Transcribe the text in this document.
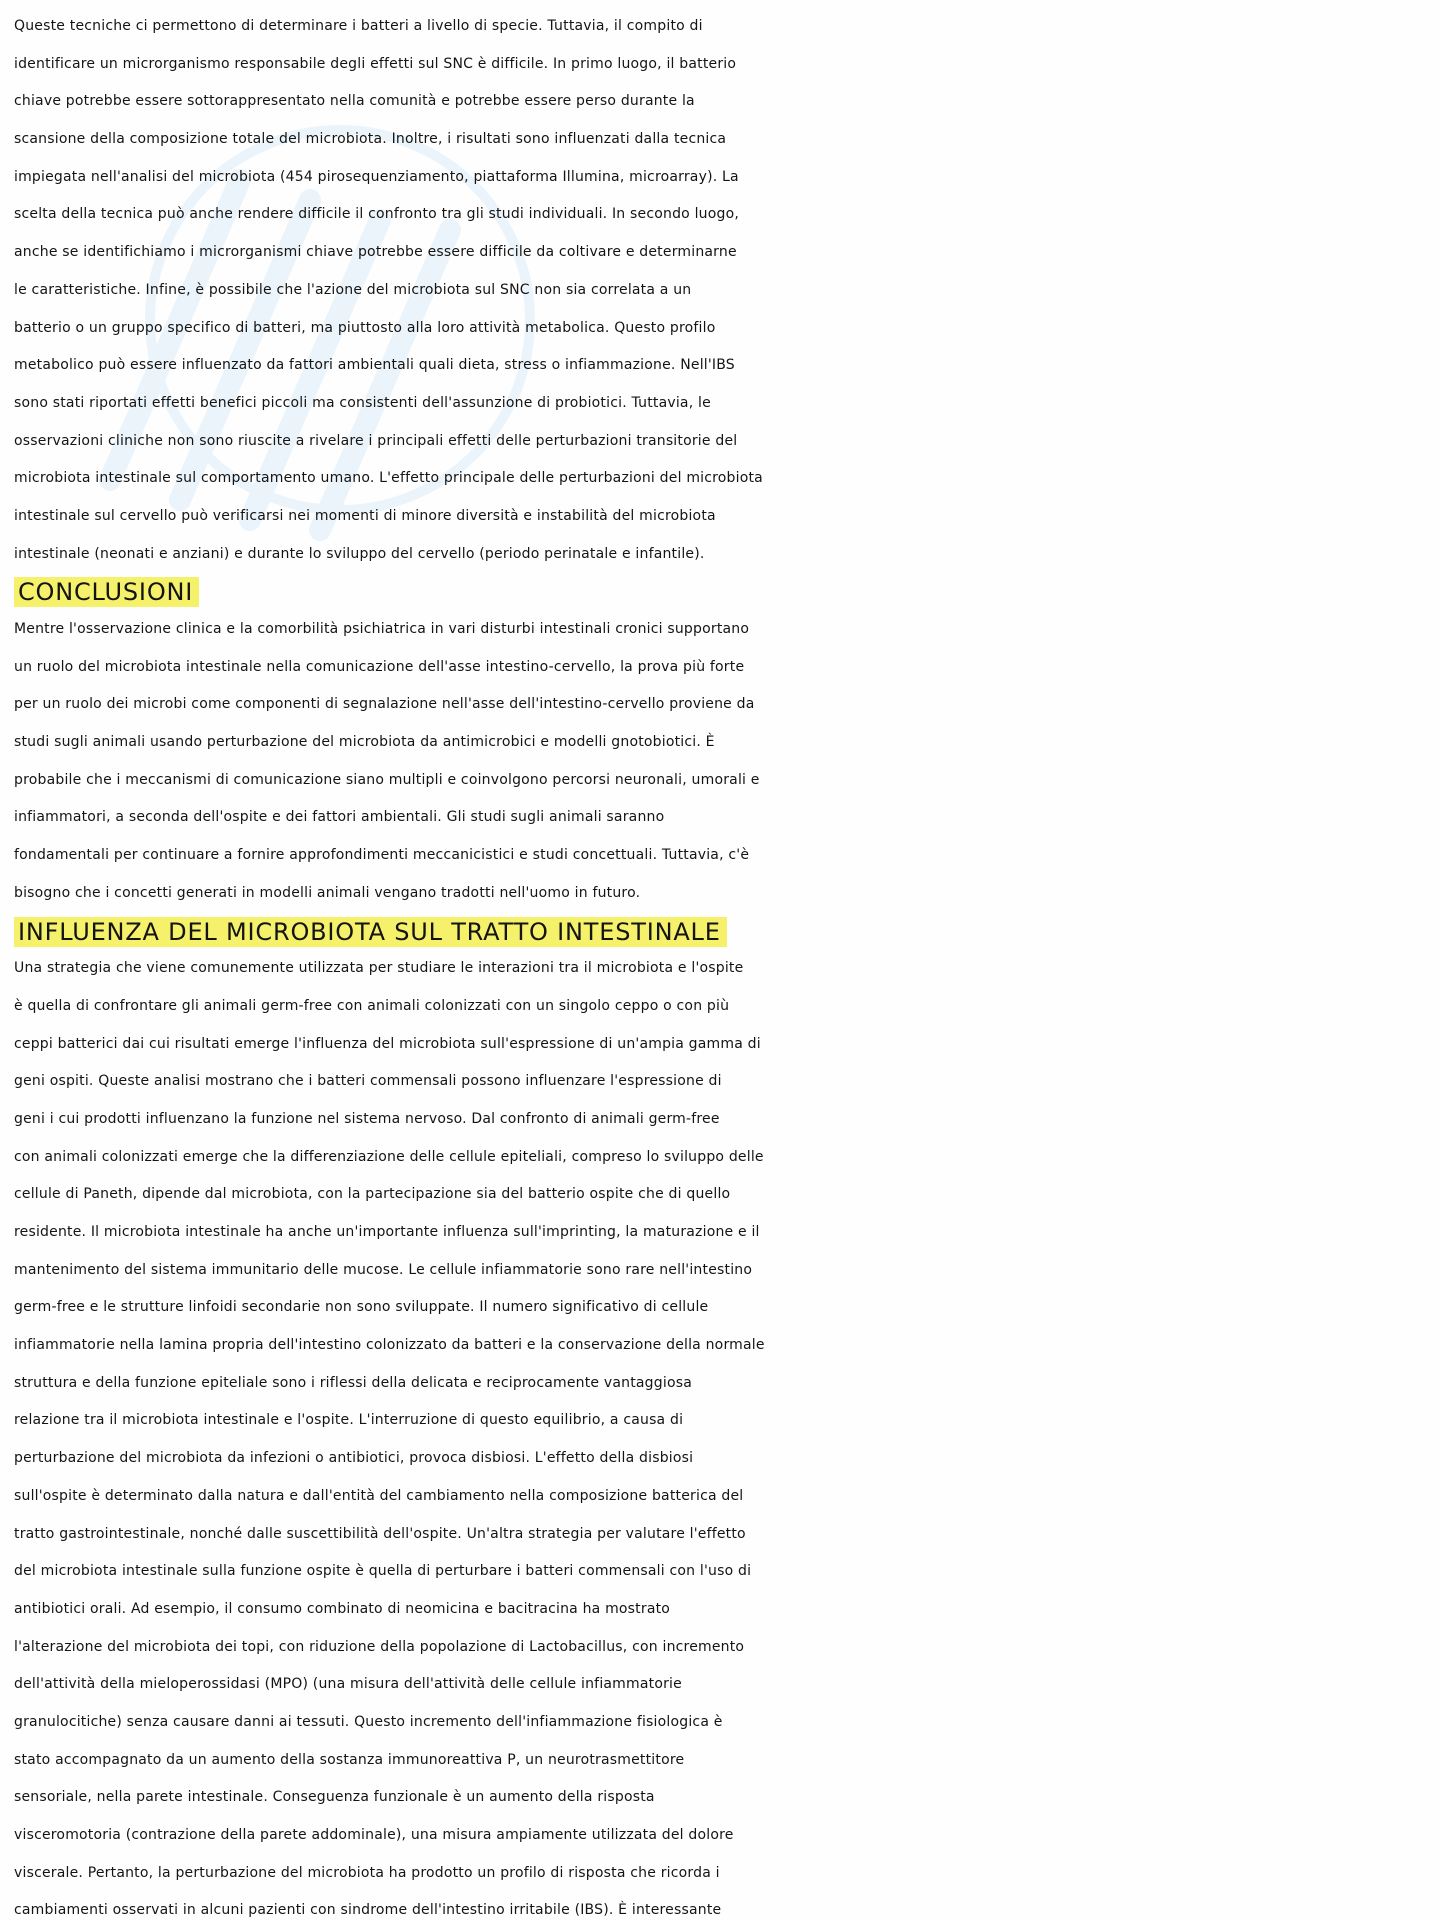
Queste tecniche ci permettono di determinare i batteri a livello di specie. Tuttavia, il compito di
identificare un microrganismo responsabile degli effetti sul SNC è difficile. In primo luogo, il batterio
chiave potrebbe essere sottorappresentato nella comunità e potrebbe essere perso durante la
scansione della composizione totale del microbiota. Inoltre, i risultati sono influenzati dalla tecnica
impiegata nell'analisi del microbiota (454 pirosequenziamento, piattaforma Illumina, microarray). La
scelta della tecnica può anche rendere difficile il confronto tra gli studi individuali. In secondo luogo,
anche se identifichiamo i microrganismi chiave potrebbe essere difficile da coltivare e determinarne
le caratteristiche. Infine, è possibile che l'azione del microbiota sul SNC non sia correlata a un
batterio o un gruppo specifico di batteri, ma piuttosto alla loro attività metabolica. Questo profilo
metabolico può essere influenzato da fattori ambientali quali dieta, stress o infiammazione. Nell'IBS
sono stati riportati effetti benefici piccoli ma consistenti dell'assunzione di probiotici. Tuttavia, le
osservazioni cliniche non sono riuscite a rivelare i principali effetti delle perturbazioni transitorie del
microbiota intestinale sul comportamento umano. L'effetto principale delle perturbazioni del microbiota
intestinale sul cervello può verificarsi nei momenti di minore diversità e instabilità del microbiota
intestinale (neonati e anziani) e durante lo sviluppo del cervello (periodo perinatale e infantile).
CONCLUSIONI
Mentre l'osservazione clinica e la comorbilità psichiatrica in vari disturbi intestinali cronici supportano
un ruolo del microbiota intestinale nella comunicazione dell'asse intestino-cervello, la prova più forte
per un ruolo dei microbi come componenti di segnalazione nell'asse dell'intestino-cervello proviene da
studi sugli animali usando perturbazione del microbiota da antimicrobici e modelli gnotobiotici. È
probabile che i meccanismi di comunicazione siano multipli e coinvolgono percorsi neuronali, umorali e
infiammatori, a seconda dell'ospite e dei fattori ambientali. Gli studi sugli animali saranno
fondamentali per continuare a fornire approfondimenti meccanicistici e studi concettuali. Tuttavia, c'è
bisogno che i concetti generati in modelli animali vengano tradotti nell'uomo in futuro.
INFLUENZA DEL MICROBIOTA SUL TRATTO INTESTINALE
Una strategia che viene comunemente utilizzata per studiare le interazioni tra il microbiota e l'ospite
è quella di confrontare gli animali germ-free con animali colonizzati con un singolo ceppo o con più
ceppi batterici dai cui risultati emerge l'influenza del microbiota sull'espressione di un'ampia gamma di
geni ospiti. Queste analisi mostrano che i batteri commensali possono influenzare l'espressione di
geni i cui prodotti influenzano la funzione nel sistema nervoso. Dal confronto di animali germ-free
con animali colonizzati emerge che la differenziazione delle cellule epiteliali, compreso lo sviluppo delle
cellule di Paneth, dipende dal microbiota, con la partecipazione sia del batterio ospite che di quello
residente. Il microbiota intestinale ha anche un'importante influenza sull'imprinting, la maturazione e il
mantenimento del sistema immunitario delle mucose. Le cellule infiammatorie sono rare nell'intestino
germ-free e le strutture linfoidi secondarie non sono sviluppate. Il numero significativo di cellule
infiammatorie nella lamina propria dell'intestino colonizzato da batteri e la conservazione della normale
struttura e della funzione epiteliale sono i riflessi della delicata e reciprocamente vantaggiosa
relazione tra il microbiota intestinale e l'ospite. L'interruzione di questo equilibrio, a causa di
perturbazione del microbiota da infezioni o antibiotici, provoca disbiosi. L'effetto della disbiosi
sull'ospite è determinato dalla natura e dall'entità del cambiamento nella composizione batterica del
tratto gastrointestinale, nonché dalle suscettibilità dell'ospite. Un'altra strategia per valutare l'effetto
del microbiota intestinale sulla funzione ospite è quella di perturbare i batteri commensali con l'uso di
antibiotici orali. Ad esempio, il consumo combinato di neomicina e bacitracina ha mostrato
l'alterazione del microbiota dei topi, con riduzione della popolazione di Lactobacillus, con incremento
dell'attività della mieloperossidasi (MPO) (una misura dell'attività delle cellule infiammatorie
granulocitiche) senza causare danni ai tessuti. Questo incremento dell'infiammazione fisiologica è
stato accompagnato da un aumento della sostanza immunoreattiva P, un neurotrasmettitore
sensoriale, nella parete intestinale. Conseguenza funzionale è un aumento della risposta
visceromotoria (contrazione della parete addominale), una misura ampiamente utilizzata del dolore
viscerale. Pertanto, la perturbazione del microbiota ha prodotto un profilo di risposta che ricorda i
cambiamenti osservati in alcuni pazienti con sindrome dell'intestino irritabile (IBS). È interessante
